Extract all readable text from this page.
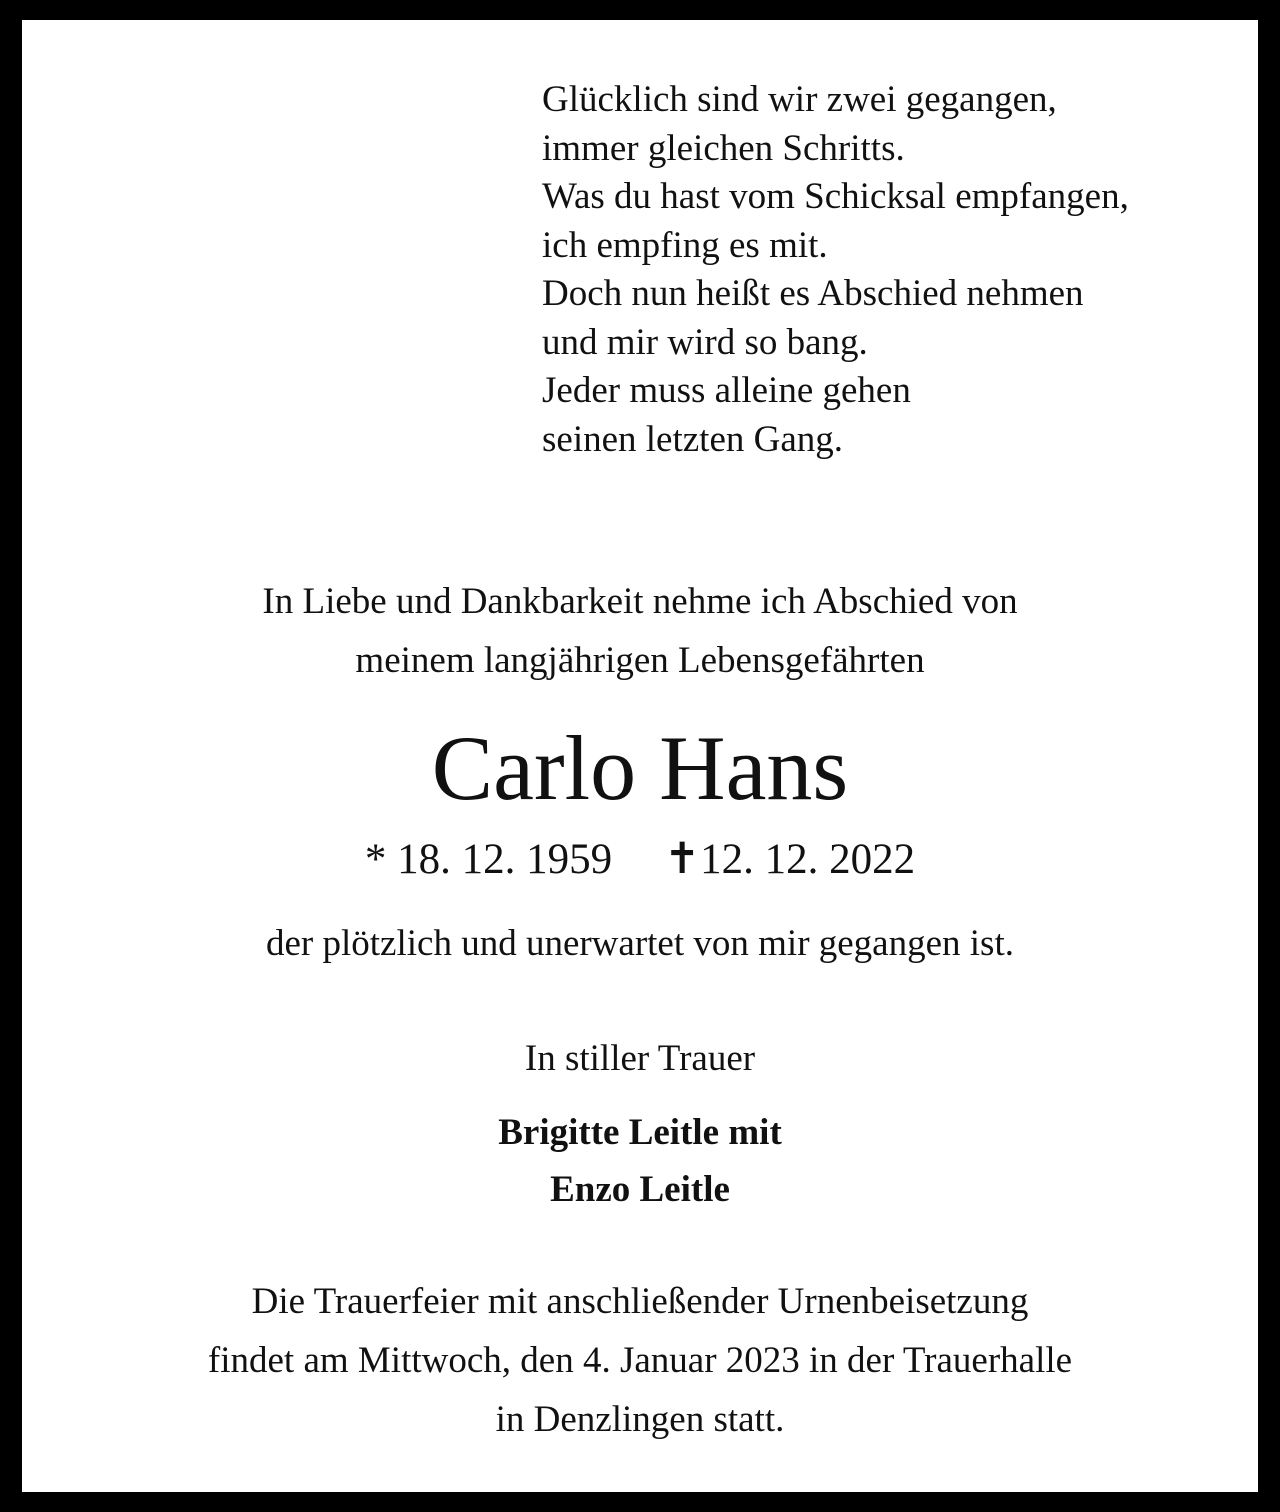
Glücklich sind wir zwei gegangen,
immer gleichen Schritts.
Was du hast vom Schicksal empfangen,
ich empfing es mit.
Doch nun heißt es Abschied nehmen
und mir wird so bang.
Jeder muss alleine gehen
seinen letzten Gang.
In Liebe und Dankbarkeit nehme ich Abschied von
meinem langjährigen Lebensgefährten
Carlo Hans
* 18. 12. 1959 ✝12. 12. 2022
der plötzlich und unerwartet von mir gegangen ist.
In stiller Trauer
Brigitte Leitle mit
Enzo Leitle
Die Trauerfeier mit anschließender Urnenbeisetzung
findet am Mittwoch, den 4. Januar 2023 in der Trauerhalle
in Denzlingen statt.
